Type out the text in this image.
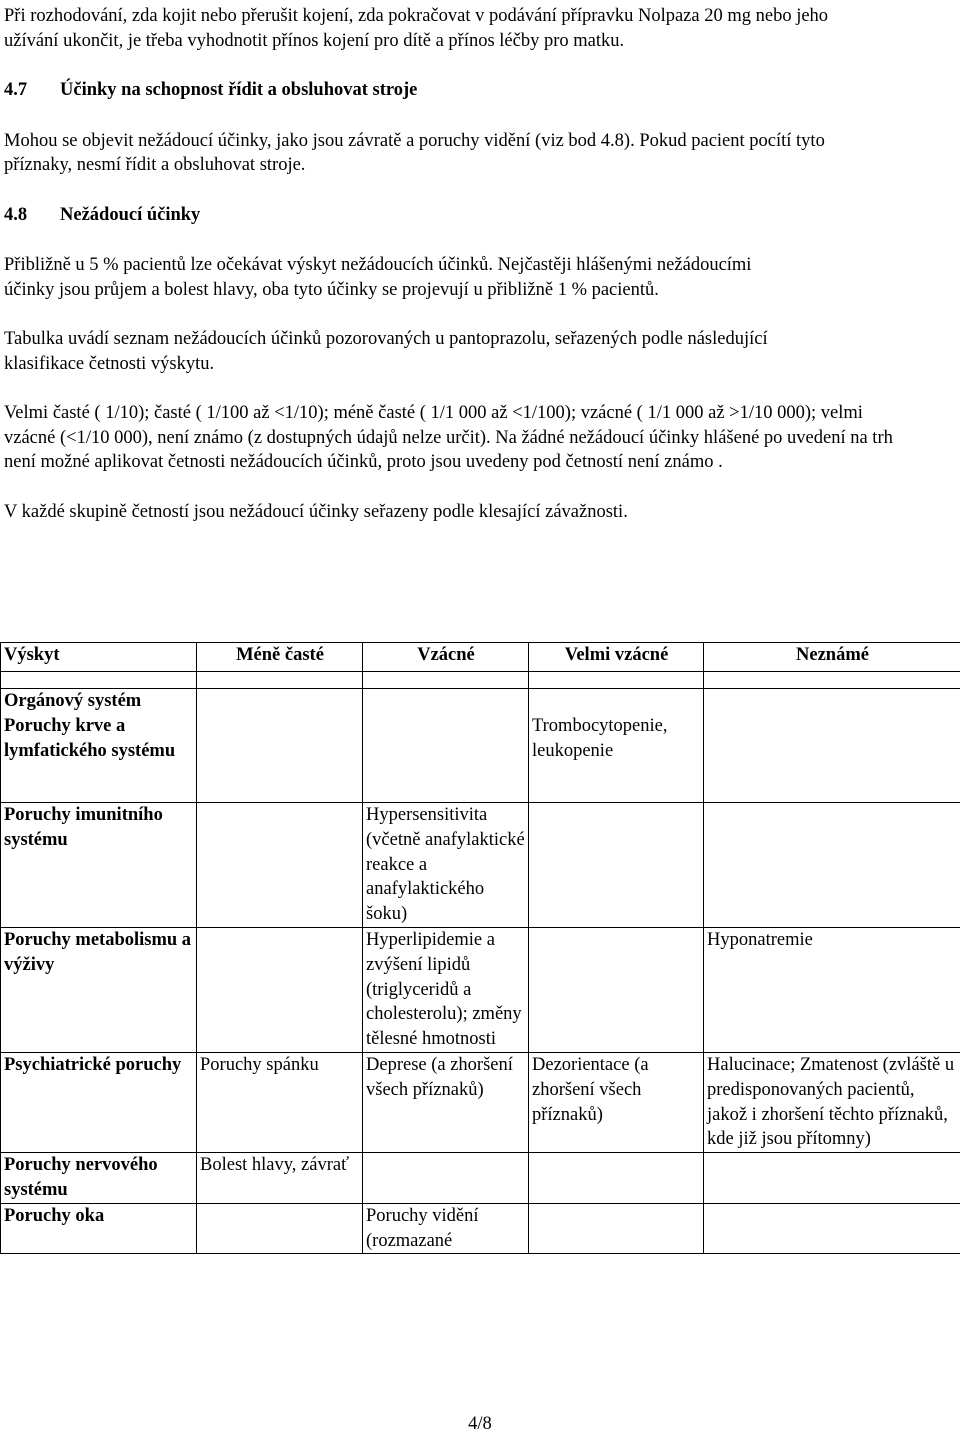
Při rozhodování, zda kojit nebo přerušit kojení, zda pokračovat v podávání přípravku Nolpaza 20 mg nebo jeho užívání ukončit, je třeba vyhodnotit přínos kojení pro dítě a přínos léčby pro matku.

4.7	Účinky na schopnost řídit a obsluhovat stroje

Mohou se objevit nežádoucí účinky, jako jsou závratě a poruchy vidění (viz bod 4.8). Pokud pacient pocítí tyto příznaky, nesmí řídit a obsluhovat stroje.

4.8	Nežádoucí účinky

Přibližně u 5 % pacientů lze očekávat výskyt nežádoucích účinků. Nejčastěji hlášenými nežádoucími účinky jsou průjem a bolest hlavy, oba tyto účinky se projevují u přibližně 1 % pacientů.

Tabulka uvádí seznam nežádoucích účinků pozorovaných u pantoprazolu, seřazených podle následující klasifikace četnosti výskytu.

Velmi časté ( 1/10); časté ( 1/100 až <1/10); méně časté ( 1/1 000 až <1/100); vzácné ( 1/1 000 až >1/10 000); velmi vzácné (<1/10 000), není známo (z dostupných údajů nelze určit). Na žádné nežádoucí účinky hlášené po uvedení na trh není možné aplikovat četnosti nežádoucích účinků, proto jsou uvedeny pod četností není známo .

V každé skupině četností jsou nežádoucí účinky seřazeny podle klesající závažnosti.

Výskyt	Méně časté	Vzácné	Velmi vzácné	Neznámé

Orgánový systém
Poruchy krve a lymfatického systému			Trombocytopenie, leukopenie	
Poruchy imunitního systému		Hypersensitivita (včetně anafylaktické reakce a anafylaktického šoku)		
Poruchy metabolismu a výživy		Hyperlipidemie a zvýšení lipidů (triglyceridů a cholesterolu); změny tělesné hmotnosti		Hyponatremie
Psychiatrické poruchy	Poruchy spánku	Deprese (a zhoršení všech příznaků)	Dezorientace (a zhoršení všech příznaků)	Halucinace; Zmatenost (zvláště u predisponovaných pacientů, jakož i zhoršení těchto příznaků, kde již jsou přítomny)
Poruchy nervového systému	Bolest hlavy, závrať			
Poruchy oka		Poruchy vidění (rozmazané		
4/8
